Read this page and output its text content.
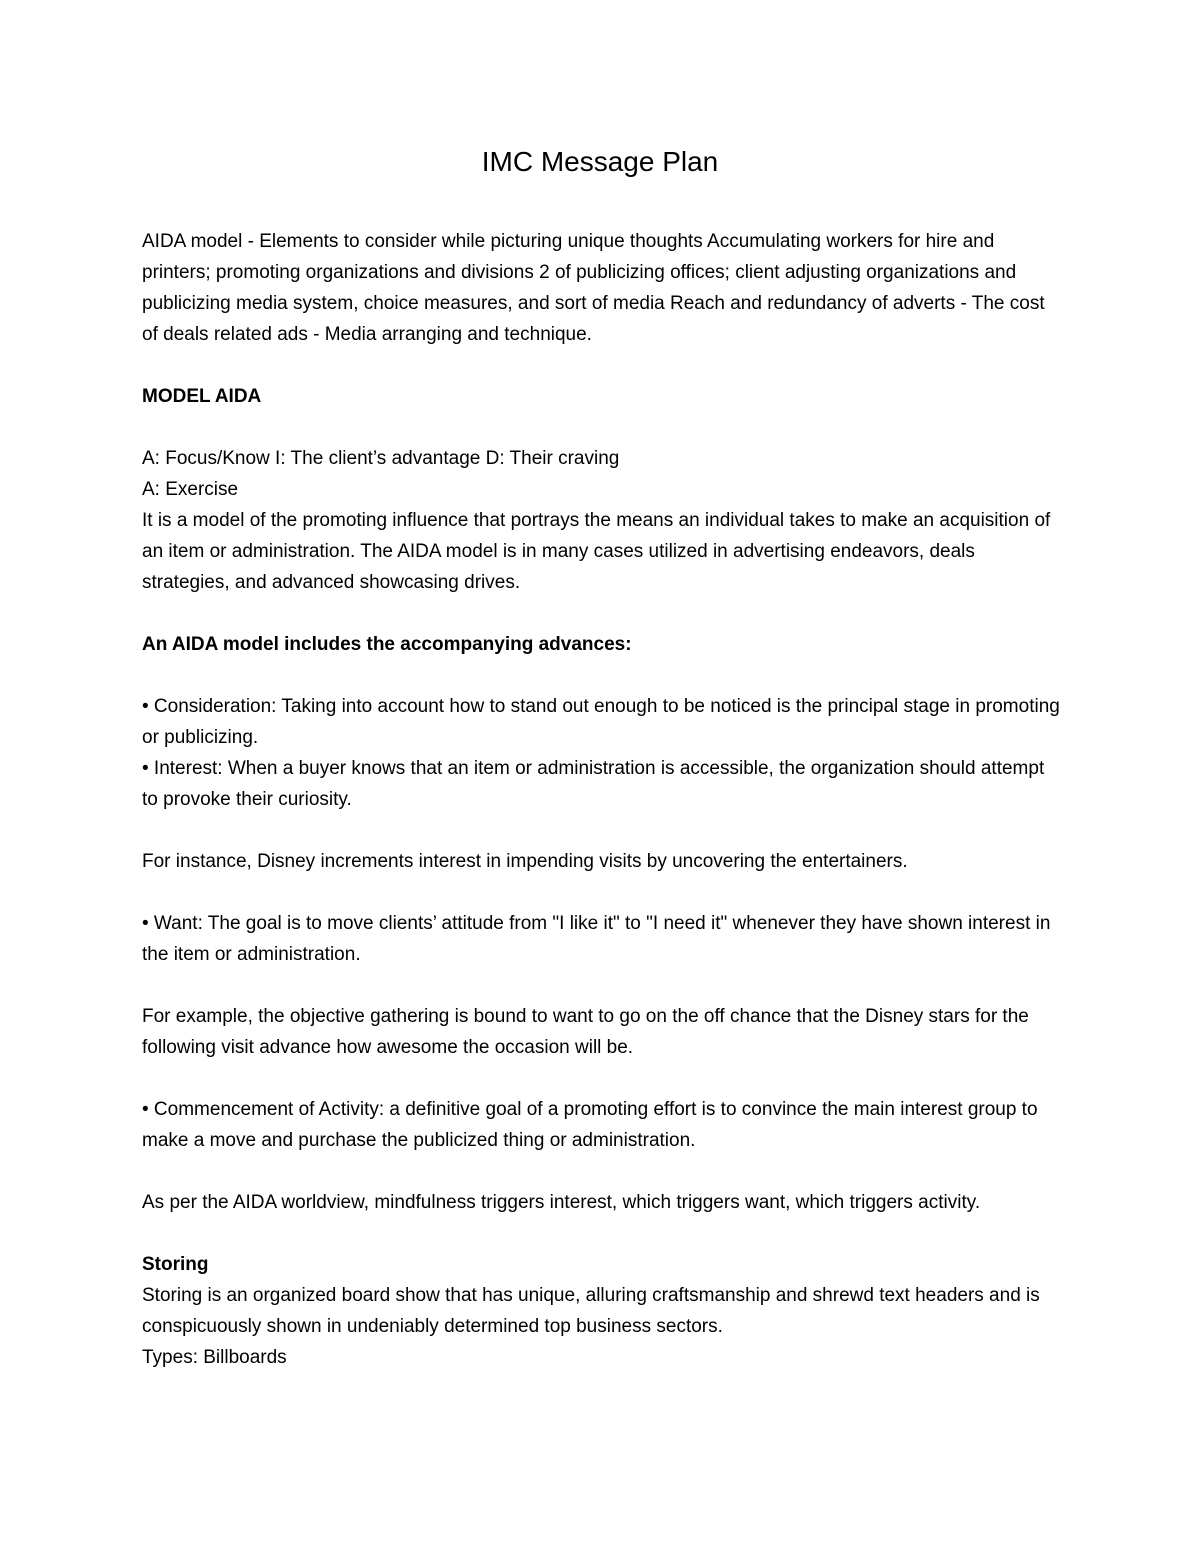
IMC Message Plan

AIDA model - Elements to consider while picturing unique thoughts Accumulating workers for hire and printers; promoting organizations and divisions 2 of publicizing offices; client adjusting organizations and publicizing media system, choice measures, and sort of media Reach and redundancy of adverts - The cost of deals related ads - Media arranging and technique.

MODEL AIDA

A: Focus/Know I: The client’s advantage D: Their craving

A: Exercise

It is a model of the promoting influence that portrays the means an individual takes to make an acquisition of an item or administration. The AIDA model is in many cases utilized in advertising endeavors, deals strategies, and advanced showcasing drives.

An AIDA model includes the accompanying advances:

• Consideration: Taking into account how to stand out enough to be noticed is the principal stage in promoting or publicizing.

• Interest: When a buyer knows that an item or administration is accessible, the organization should attempt to provoke their curiosity.

For instance, Disney increments interest in impending visits by uncovering the entertainers.

• Want: The goal is to move clients’ attitude from "I like it" to "I need it" whenever they have shown interest in the item or administration.

For example, the objective gathering is bound to want to go on the off chance that the Disney stars for the following visit advance how awesome the occasion will be.

• Commencement of Activity: a definitive goal of a promoting effort is to convince the main interest group to make a move and purchase the publicized thing or administration.

As per the AIDA worldview, mindfulness triggers interest, which triggers want, which triggers activity.

Storing

Storing is an organized board show that has unique, alluring craftsmanship and shrewd text headers and is conspicuously shown in undeniably determined top business sectors.

Types: Billboards
